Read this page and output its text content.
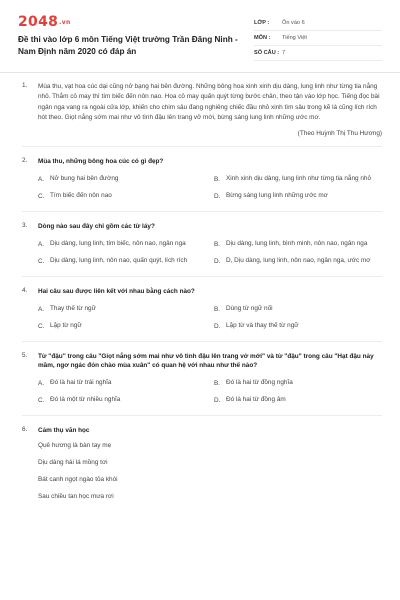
2048.vn
Đề thi vào lớp 6 môn Tiếng Việt trường Trần Đăng Ninh - Nam Định năm 2020 có đáp án
LỚP :	Ôn vào 6
MÔN :	Tiếng Việt
SỐ CÂU : 7
1. Mùa thu, vạt hoa cúc dại cũng nở bạng hai bên đường. Những bông hoa xinh xinh dịu dàng, lung linh như từng tia nắng nhỏ. Thắm cỏ may thì tím biếc đến nôn nao. Hoa cỏ may quấn quýt từng bước chân, theo tận vào lớp học. Tiếng đọc bài ngân nga vang ra ngoài cửa lớp, khiến cho chim sâu đang nghiêng chiếc đầu nhỏ xinh tìm sâu trong kẽ lá cũng lích rích hót theo. Giọt nắng sớm mai như vô tình đậu lên trang vở mới, bừng sáng lung linh những ước mơ.
(Theo Huỳnh Thị Thu Hương)
2. Mùa thu, những bông hoa cúc có gì đẹp?
A. Nở bung hai bên đường	B. Xinh xinh dịu dàng, lung linh như từng tia nắng nhỏ
C. Tím biếc đến nôn nao	D. Bừng sáng lung linh những ước mơ
3. Dòng nào sau đây chỉ gồm các từ láy?
A. Dịu dàng, lung linh, tím biếc, nôn nao, ngân nga	B. Dịu dàng, lung linh, bình minh, nôn nao, ngân nga
C. Dịu dàng, lung linh, nôn nao, quấn quýt, lích rích	D. D, Dịu dàng, lung linh, nôn nao, ngân nga, ước mơ
4. Hai câu sau được liên kết với nhau bằng cách nào?
A. Thay thế từ ngữ	B. Dùng từ ngữ nối
C. Lặp từ ngữ	D. Lặp từ và thay thế từ ngữ
5. Từ "đậu" trong câu "Giọt nắng sớm mai như vô tình đậu lên trang vở mới" và từ "đậu" trong câu "Hạt đậu nảy mầm, ngơ ngác đón chào mùa xuân" có quan hệ với nhau như thế nào?
A. Đó là hai từ trái nghĩa	B. Đó là hai từ đồng nghĩa
C. Đó là một từ nhiều nghĩa	D. Đó là hai từ đồng âm
6. Cảm thụ văn học
Quê hương là bàn tay mẹ
Dịu dàng hái lá mồng tơi
Bát canh ngọt ngào tỏa khói
Sau chiều tan học mưa rơi
